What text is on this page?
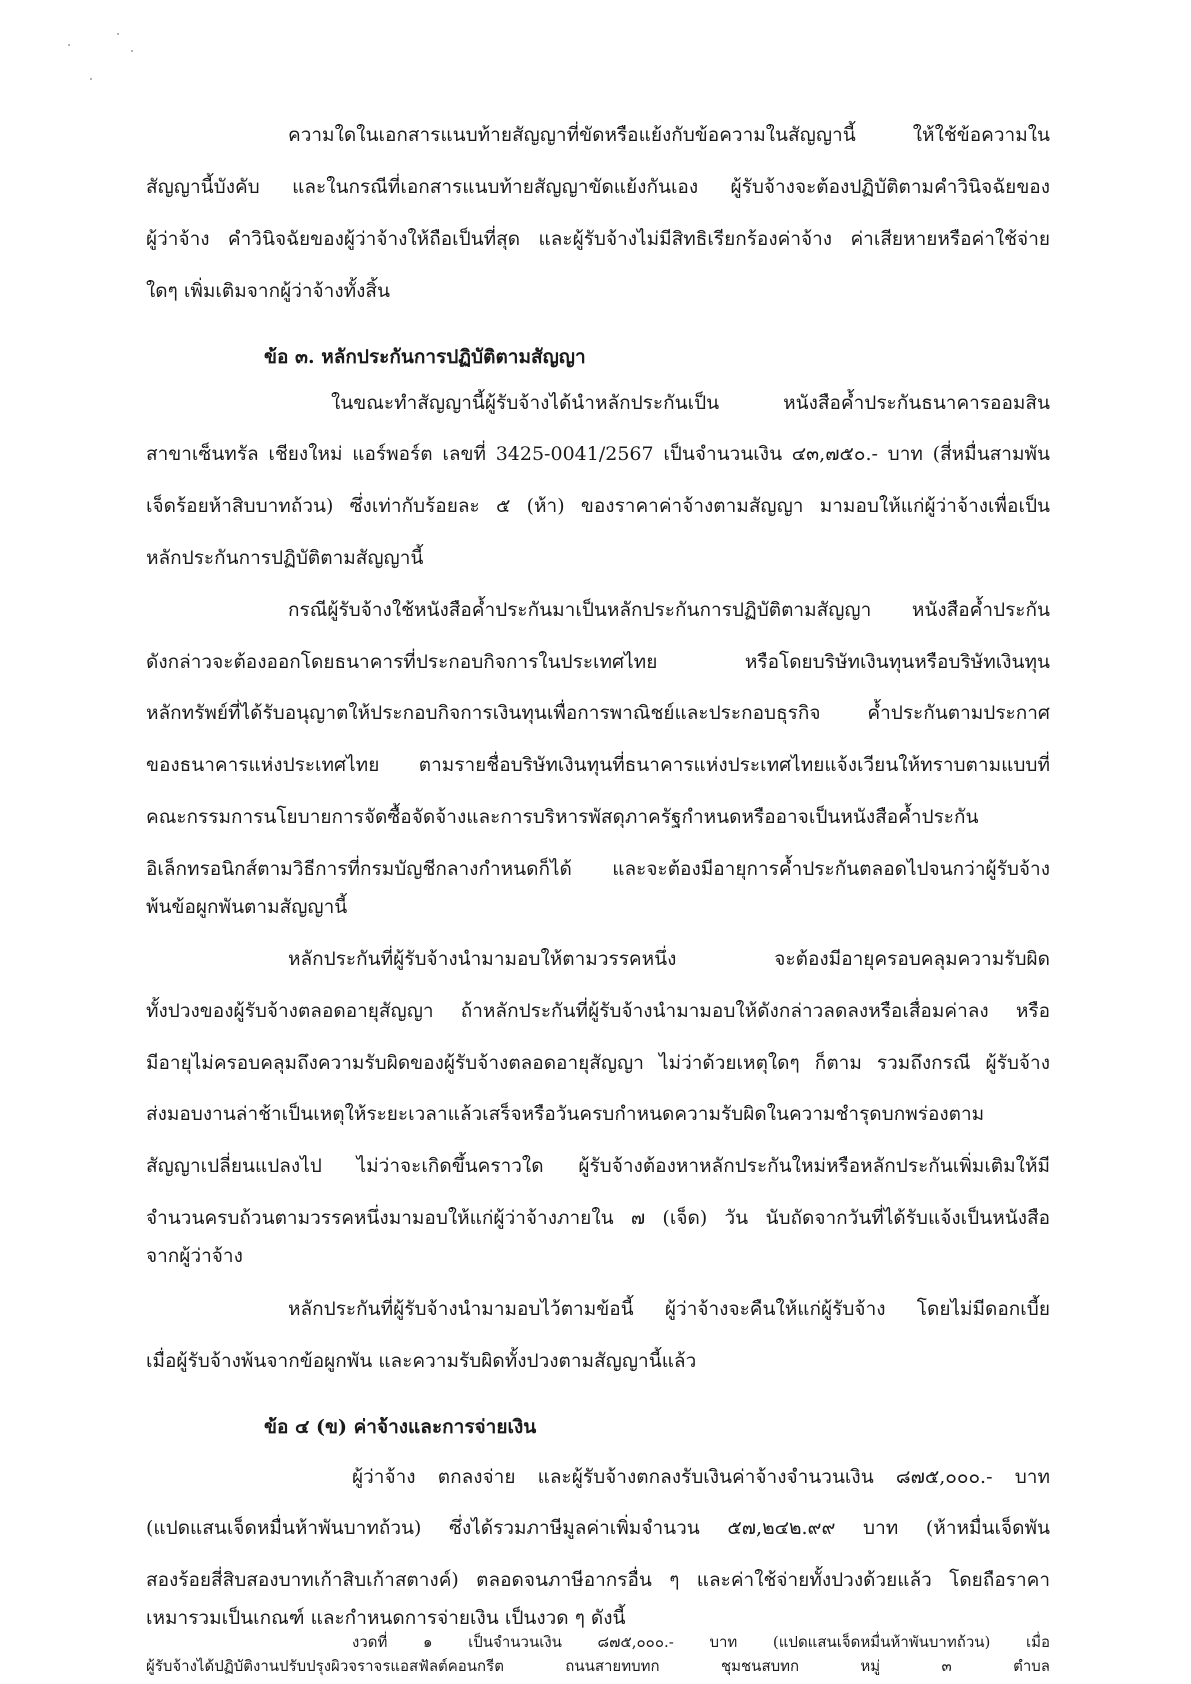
ความใดในเอกสารแนบท้ายสัญญาที่ขัดหรือแย้งกับข้อความในสัญญานี้ ให้ใช้ข้อความใน
สัญญานี้บังคับ และในกรณีที่เอกสารแนบท้ายสัญญาขัดแย้งกันเอง ผู้รับจ้างจะต้องปฏิบัติตามคำวินิจฉัยของ
ผู้ว่าจ้าง คำวินิจฉัยของผู้ว่าจ้างให้ถือเป็นที่สุด และผู้รับจ้างไม่มีสิทธิเรียกร้องค่าจ้าง ค่าเสียหายหรือค่าใช้จ่าย
ใดๆ เพิ่มเติมจากผู้ว่าจ้างทั้งสิ้น
ข้อ ๓. หลักประกันการปฏิบัติตามสัญญา
ในขณะทำสัญญานี้ผู้รับจ้างได้นำหลักประกันเป็น หนังสือค้ำประกันธนาคารออมสิน
สาขาเซ็นทรัล เชียงใหม่ แอร์พอร์ต เลขที่ 3425-0041/2567 เป็นจำนวนเงิน ๔๓,๗๕๐.- บาท (สี่หมื่นสามพัน
เจ็ดร้อยห้าสิบบาทถ้วน) ซึ่งเท่ากับร้อยละ ๕ (ห้า) ของราคาค่าจ้างตามสัญญา มามอบให้แก่ผู้ว่าจ้างเพื่อเป็น
หลักประกันการปฏิบัติตามสัญญานี้
กรณีผู้รับจ้างใช้หนังสือค้ำประกันมาเป็นหลักประกันการปฏิบัติตามสัญญา หนังสือค้ำประกัน
ดังกล่าวจะต้องออกโดยธนาคารที่ประกอบกิจการในประเทศไทย หรือโดยบริษัทเงินทุนหรือบริษัทเงินทุน
หลักทรัพย์ที่ได้รับอนุญาตให้ประกอบกิจการเงินทุนเพื่อการพาณิชย์และประกอบธุรกิจ ค้ำประกันตามประกาศ
ของธนาคารแห่งประเทศไทย ตามรายชื่อบริษัทเงินทุนที่ธนาคารแห่งประเทศไทยแจ้งเวียนให้ทราบตามแบบที่
คณะกรรมการนโยบายการจัดซื้อจัดจ้างและการบริหารพัสดุภาครัฐกำหนดหรืออาจเป็นหนังสือค้ำประกัน
อิเล็กทรอนิกส์ตามวิธีการที่กรมบัญชีกลางกำหนดก็ได้ และจะต้องมีอายุการค้ำประกันตลอดไปจนกว่าผู้รับจ้าง
พ้นข้อผูกพันตามสัญญานี้
หลักประกันที่ผู้รับจ้างนำมามอบให้ตามวรรคหนึ่ง จะต้องมีอายุครอบคลุมความรับผิด
ทั้งปวงของผู้รับจ้างตลอดอายุสัญญา ถ้าหลักประกันที่ผู้รับจ้างนำมามอบให้ดังกล่าวลดลงหรือเสื่อมค่าลง หรือ
มีอายุไม่ครอบคลุมถึงความรับผิดของผู้รับจ้างตลอดอายุสัญญา ไม่ว่าด้วยเหตุใดๆ ก็ตาม รวมถึงกรณี ผู้รับจ้าง
ส่งมอบงานล่าช้าเป็นเหตุให้ระยะเวลาแล้วเสร็จหรือวันครบกำหนดความรับผิดในความชำรุดบกพร่องตาม
สัญญาเปลี่ยนแปลงไป ไม่ว่าจะเกิดขึ้นคราวใด ผู้รับจ้างต้องหาหลักประกันใหม่หรือหลักประกันเพิ่มเติมให้มี
จำนวนครบถ้วนตามวรรคหนึ่งมามอบให้แก่ผู้ว่าจ้างภายใน ๗ (เจ็ด) วัน นับถัดจากวันที่ได้รับแจ้งเป็นหนังสือ
จากผู้ว่าจ้าง
หลักประกันที่ผู้รับจ้างนำมามอบไว้ตามข้อนี้ ผู้ว่าจ้างจะคืนให้แก่ผู้รับจ้าง โดยไม่มีดอกเบี้ย
เมื่อผู้รับจ้างพ้นจากข้อผูกพัน และความรับผิดทั้งปวงตามสัญญานี้แล้ว
ข้อ ๔ (ข) ค่าจ้างและการจ่ายเงิน
ผู้ว่าจ้าง ตกลงจ่าย และผู้รับจ้างตกลงรับเงินค่าจ้างจำนวนเงิน ๘๗๕,๐๐๐.- บาท
(แปดแสนเจ็ดหมื่นห้าพันบาทถ้วน) ซึ่งได้รวมภาษีมูลค่าเพิ่มจำนวน ๕๗,๒๔๒.๙๙ บาท (ห้าหมื่นเจ็ดพัน
สองร้อยสี่สิบสองบาทเก้าสิบเก้าสตางค์) ตลอดจนภาษีอากรอื่น ๆ และค่าใช้จ่ายทั้งปวงด้วยแล้ว โดยถือราคา
เหมารวมเป็นเกณฑ์ และกำหนดการจ่ายเงิน เป็นงวด ๆ ดังนี้
งวดที่ ๑ เป็นจำนวนเงิน ๘๗๕,๐๐๐.- บาท (แปดแสนเจ็ดหมื่นห้าพันบาทถ้วน) เมื่อ
ผู้รับจ้างได้ปฏิบัติงานปรับปรุงผิวจราจรแอสฟัลต์คอนกรีต ถนนสายทบทก ชุมชนสบทก หมู่ ๓ ตำบล
